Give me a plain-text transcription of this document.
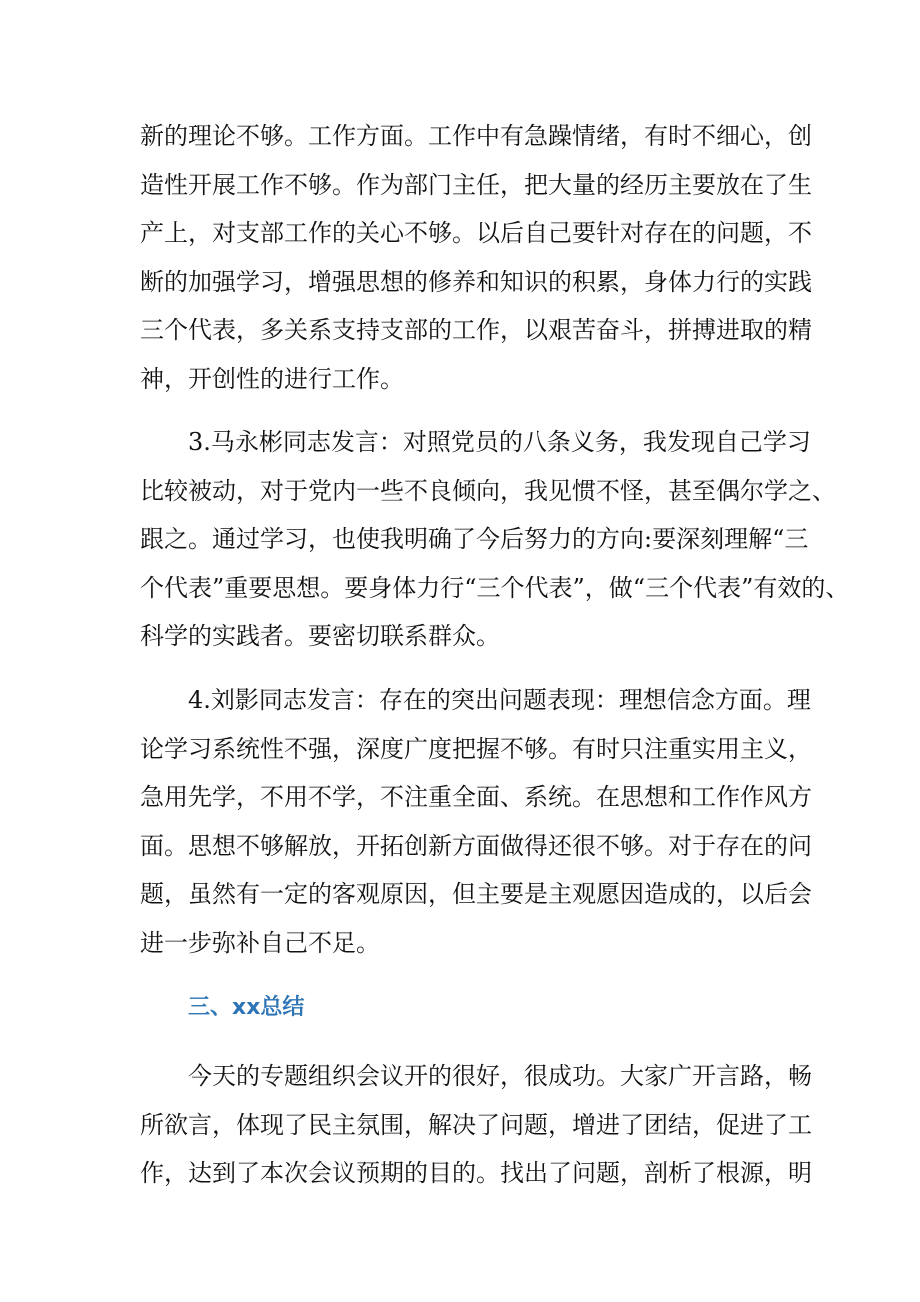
新的理论不够。工作方面。工作中有急躁情绪，有时不细心，创
造性开展工作不够。作为部门主任，把大量的经历主要放在了生
产上，对支部工作的关心不够。以后自己要针对存在的问题，不
断的加强学习，增强思想的修养和知识的积累，身体力行的实践
三个代表，多关系支持支部的工作，以艰苦奋斗，拼搏进取的精
神，开创性的进行工作。
3.马永彬同志发言：对照党员的八条义务，我发现自己学习
比较被动，对于党内一些不良倾向，我见惯不怪，甚至偶尔学之、
跟之。通过学习，也使我明确了今后努力的方向:要深刻理解“三
个代表”重要思想。要身体力行“三个代表”，做“三个代表”有效的、
科学的实践者。要密切联系群众。
4.刘影同志发言：存在的突出问题表现：理想信念方面。理
论学习系统性不强，深度广度把握不够。有时只注重实用主义，
急用先学，不用不学，不注重全面、系统。在思想和工作作风方
面。思想不够解放，开拓创新方面做得还很不够。对于存在的问
题，虽然有一定的客观原因，但主要是主观愿因造成的，以后会
进一步弥补自己不足。
三、xx总结
今天的专题组织会议开的很好，很成功。大家广开言路，畅
所欲言，体现了民主氛围，解决了问题，增进了团结，促进了工
作，达到了本次会议预期的目的。找出了问题，剖析了根源，明
